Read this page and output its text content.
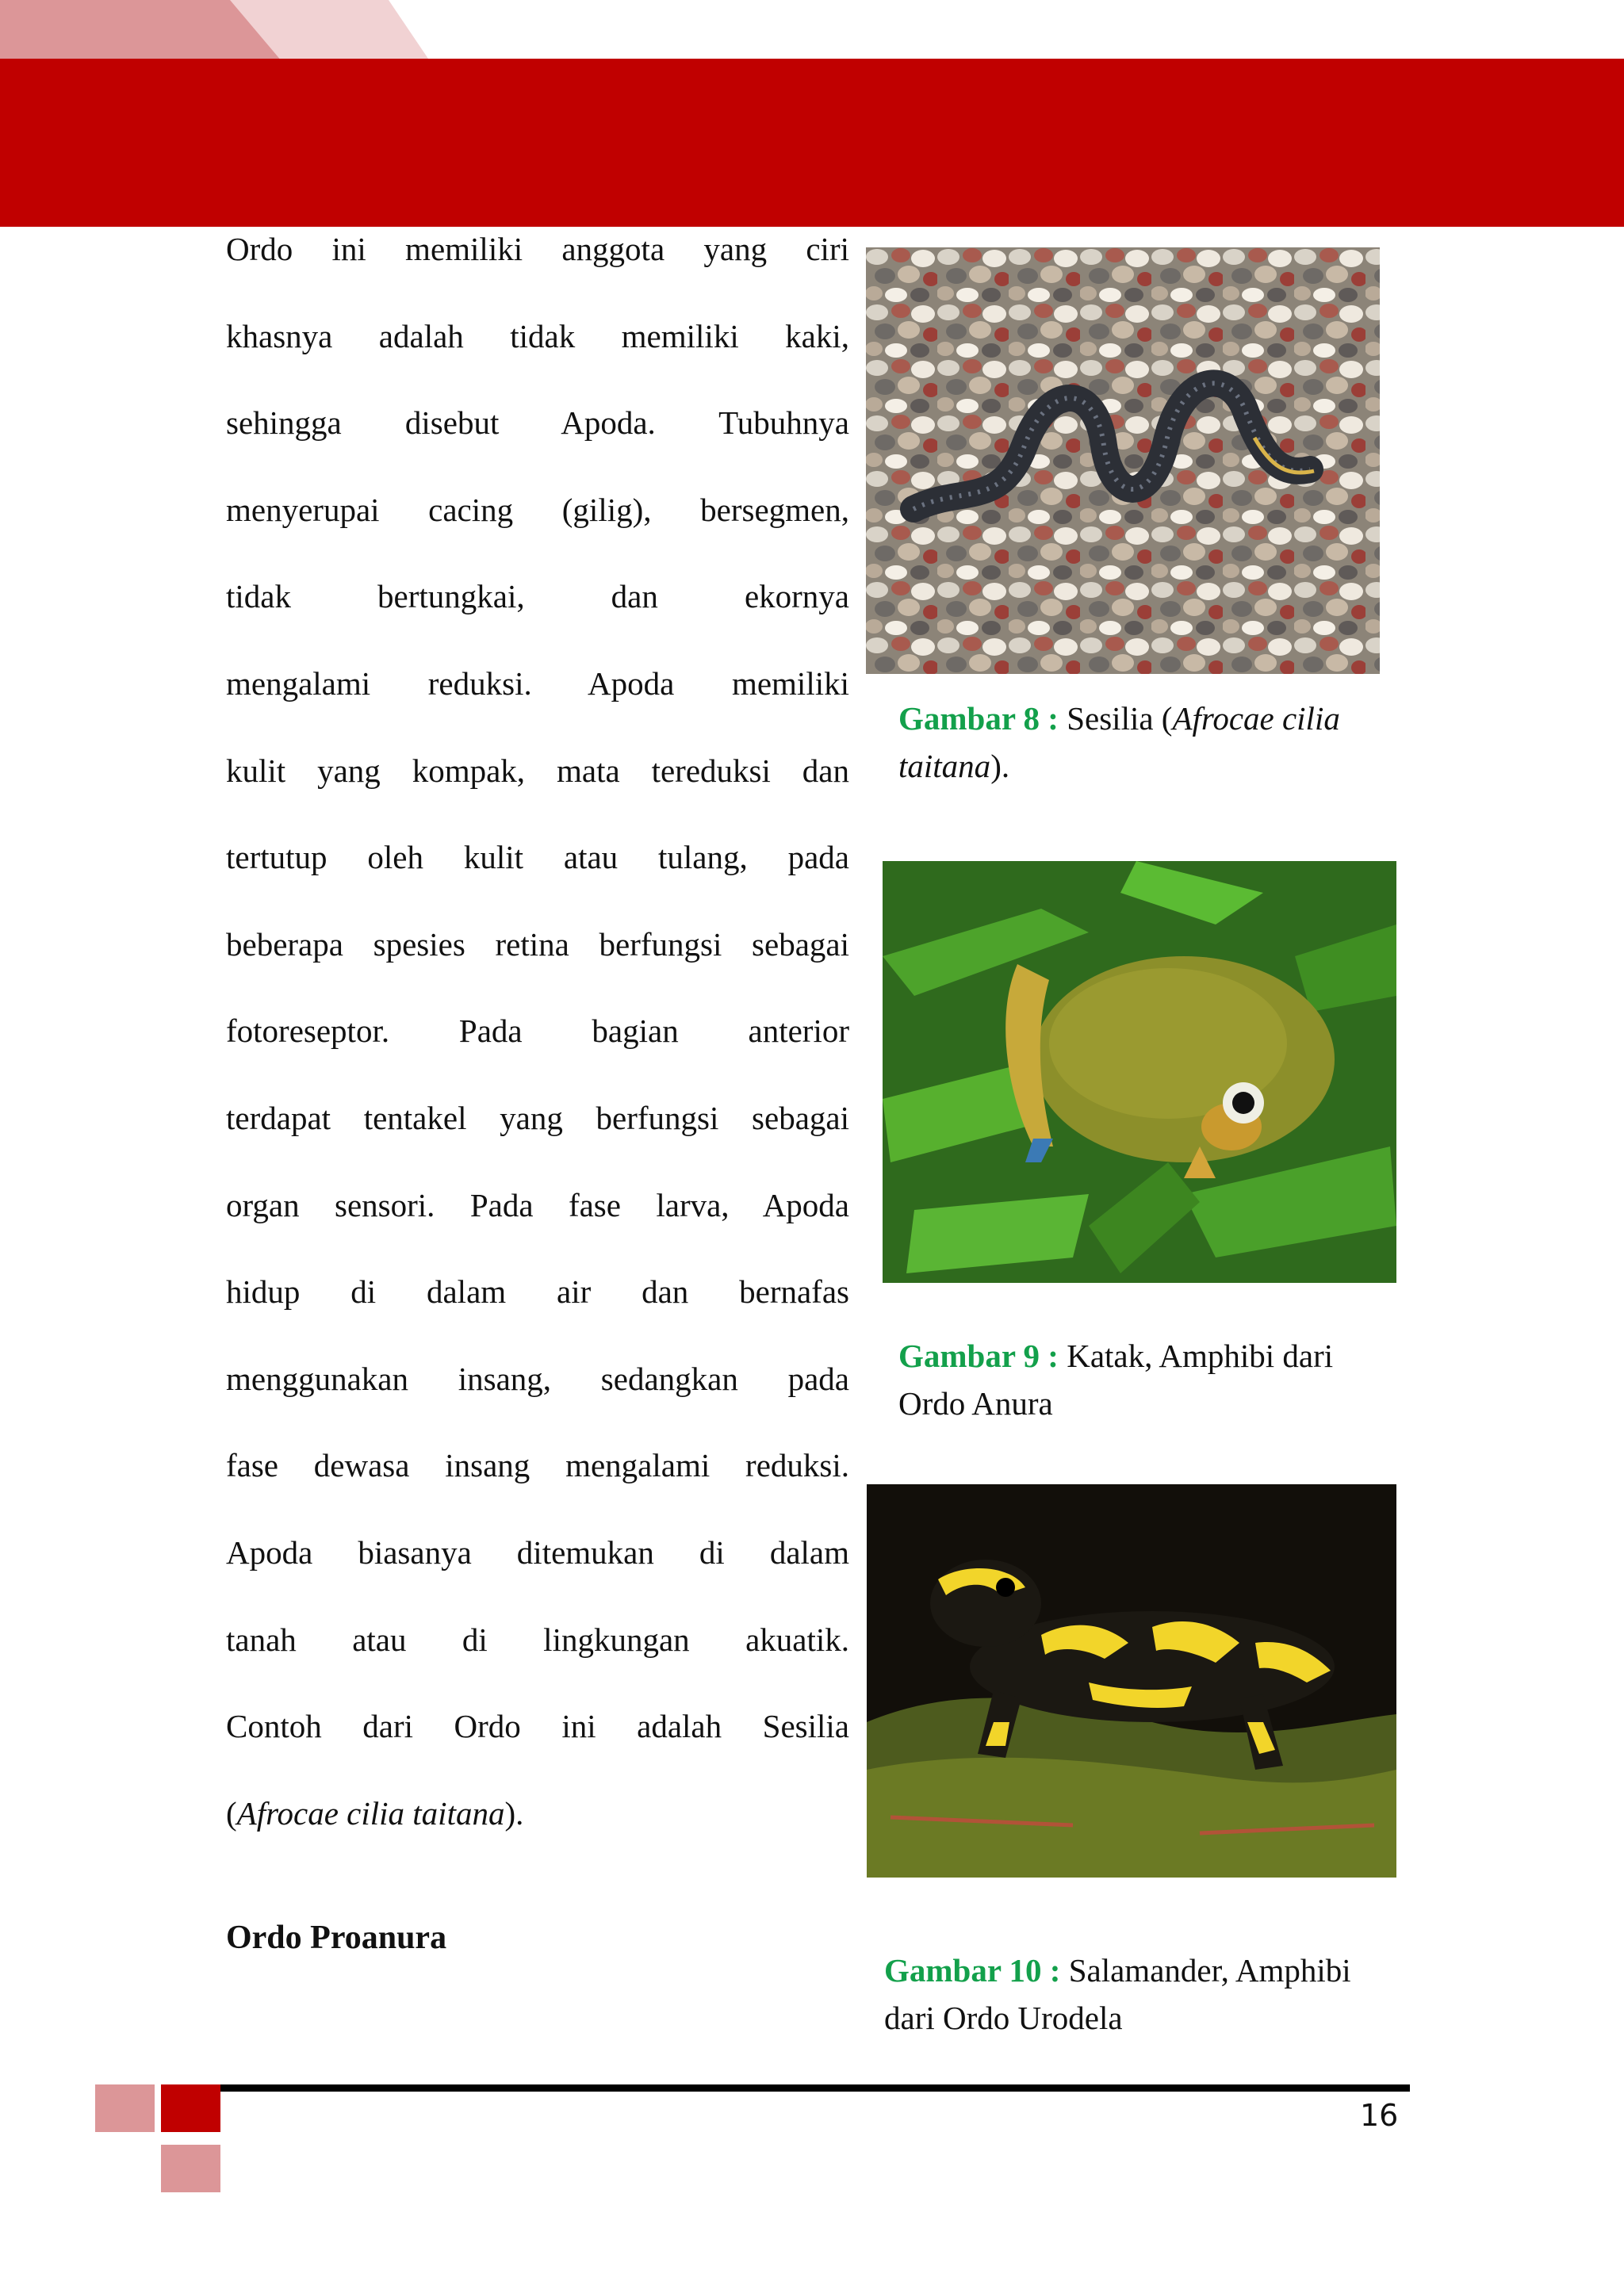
Ordo ini memiliki anggota yang ciri
khasnya adalah tidak memiliki kaki,
sehingga disebut Apoda. Tubuhnya
menyerupai cacing (gilig), bersegmen,
tidak bertungkai, dan ekornya
mengalami reduksi. Apoda memiliki
kulit yang kompak, mata tereduksi dan
tertutup oleh kulit atau tulang, pada
beberapa spesies retina berfungsi sebagai
fotoreseptor. Pada bagian anterior
terdapat tentakel yang berfungsi sebagai
organ sensori. Pada fase larva, Apoda
hidup di dalam air dan bernafas
menggunakan insang, sedangkan pada
fase dewasa insang mengalami reduksi.
Apoda biasanya ditemukan di dalam
tanah atau di lingkungan akuatik.
Contoh dari Ordo ini adalah Sesilia
(Afrocae cilia taitana).
Ordo Proanura
Gambar 8 : Sesilia (Afrocae cilia taitana).
Gambar 9 : Katak, Amphibi dari Ordo Anura
Gambar 10 : Salamander, Amphibi dari Ordo Urodela
16
